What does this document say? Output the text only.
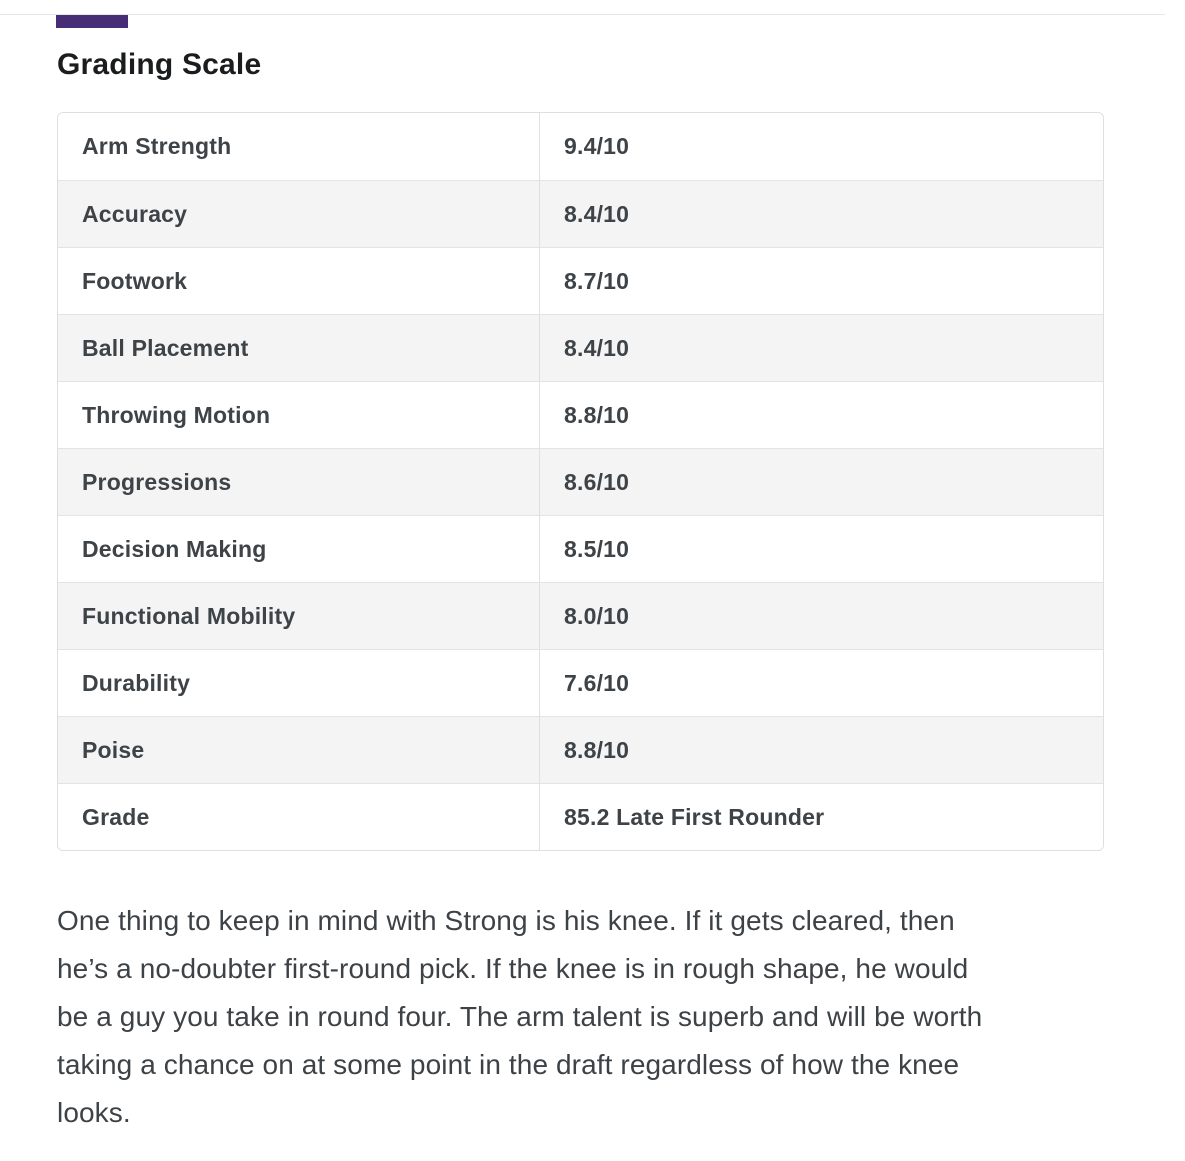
Grading Scale
Arm Strength	9.4/10
Accuracy	8.4/10
Footwork	8.7/10
Ball Placement	8.4/10
Throwing Motion	8.8/10
Progressions	8.6/10
Decision Making	8.5/10
Functional Mobility	8.0/10
Durability	7.6/10
Poise	8.8/10
Grade	85.2 Late First Rounder

One thing to keep in mind with Strong is his knee. If it gets cleared, then
he’s a no-doubter first-round pick. If the knee is in rough shape, he would
be a guy you take in round four. The arm talent is superb and will be worth
taking a chance on at some point in the draft regardless of how the knee
looks.
